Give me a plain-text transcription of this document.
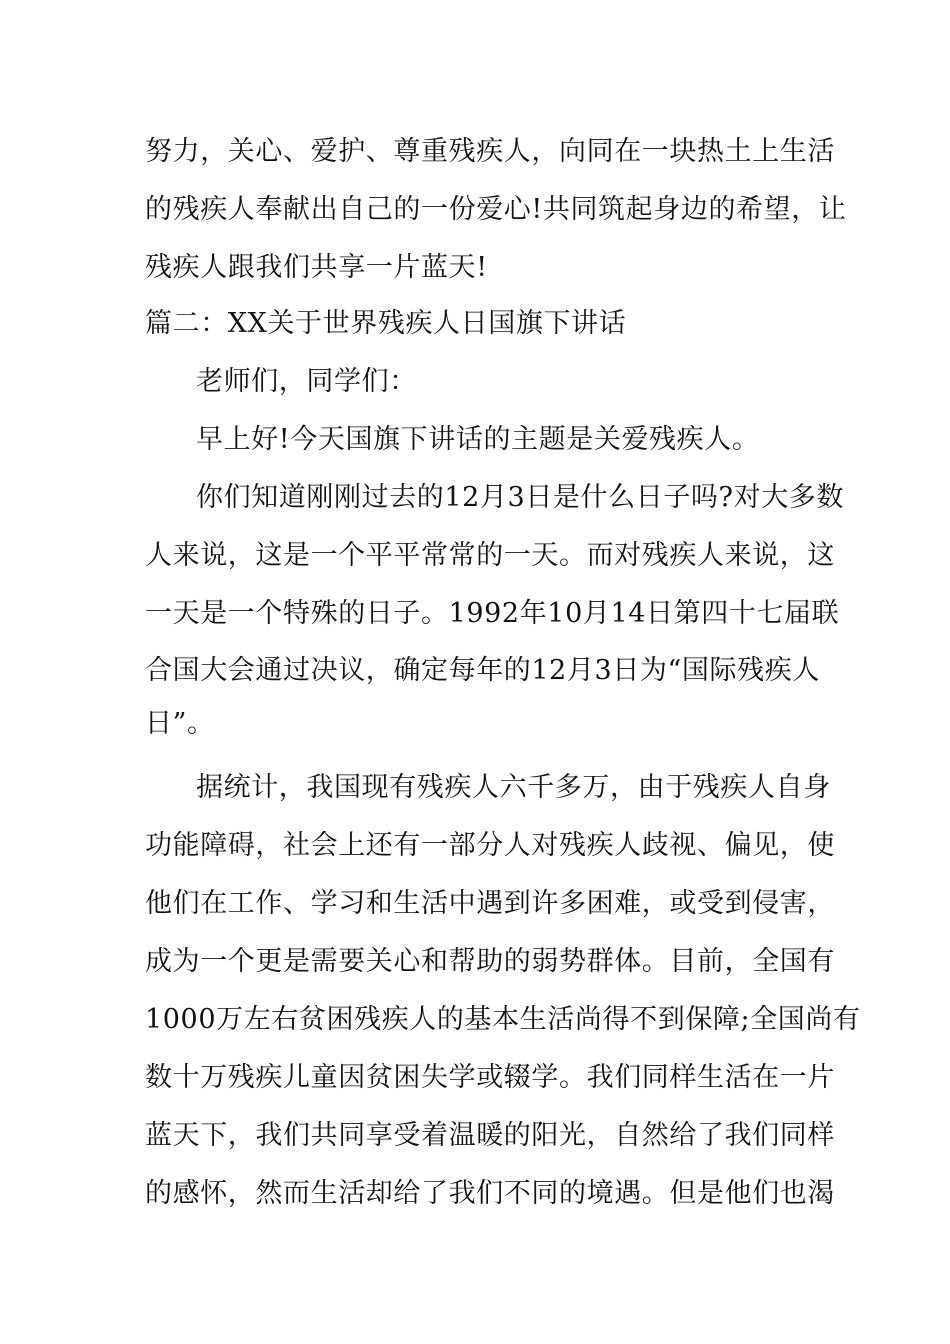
努力，关心、爱护、尊重残疾人，向同在一块热土上生活
的残疾人奉献出自己的一份爱心!共同筑起身边的希望，让
残疾人跟我们共享一片蓝天!
篇二：XX关于世界残疾人日国旗下讲话
老师们，同学们：
早上好!今天国旗下讲话的主题是关爱残疾人。
你们知道刚刚过去的12月3日是什么日子吗?对大多数
人来说，这是一个平平常常的一天。而对残疾人来说，这
一天是一个特殊的日子。1992年10月14日第四十七届联
合国大会通过决议，确定每年的12月3日为“国际残疾人
日”。
据统计，我国现有残疾人六千多万，由于残疾人自身
功能障碍，社会上还有一部分人对残疾人歧视、偏见，使
他们在工作、学习和生活中遇到许多困难，或受到侵害，
成为一个更是需要关心和帮助的弱势群体。目前，全国有
1000万左右贫困残疾人的基本生活尚得不到保障;全国尚有
数十万残疾儿童因贫困失学或辍学。我们同样生活在一片
蓝天下，我们共同享受着温暖的阳光，自然给了我们同样
的感怀，然而生活却给了我们不同的境遇。但是他们也渴
